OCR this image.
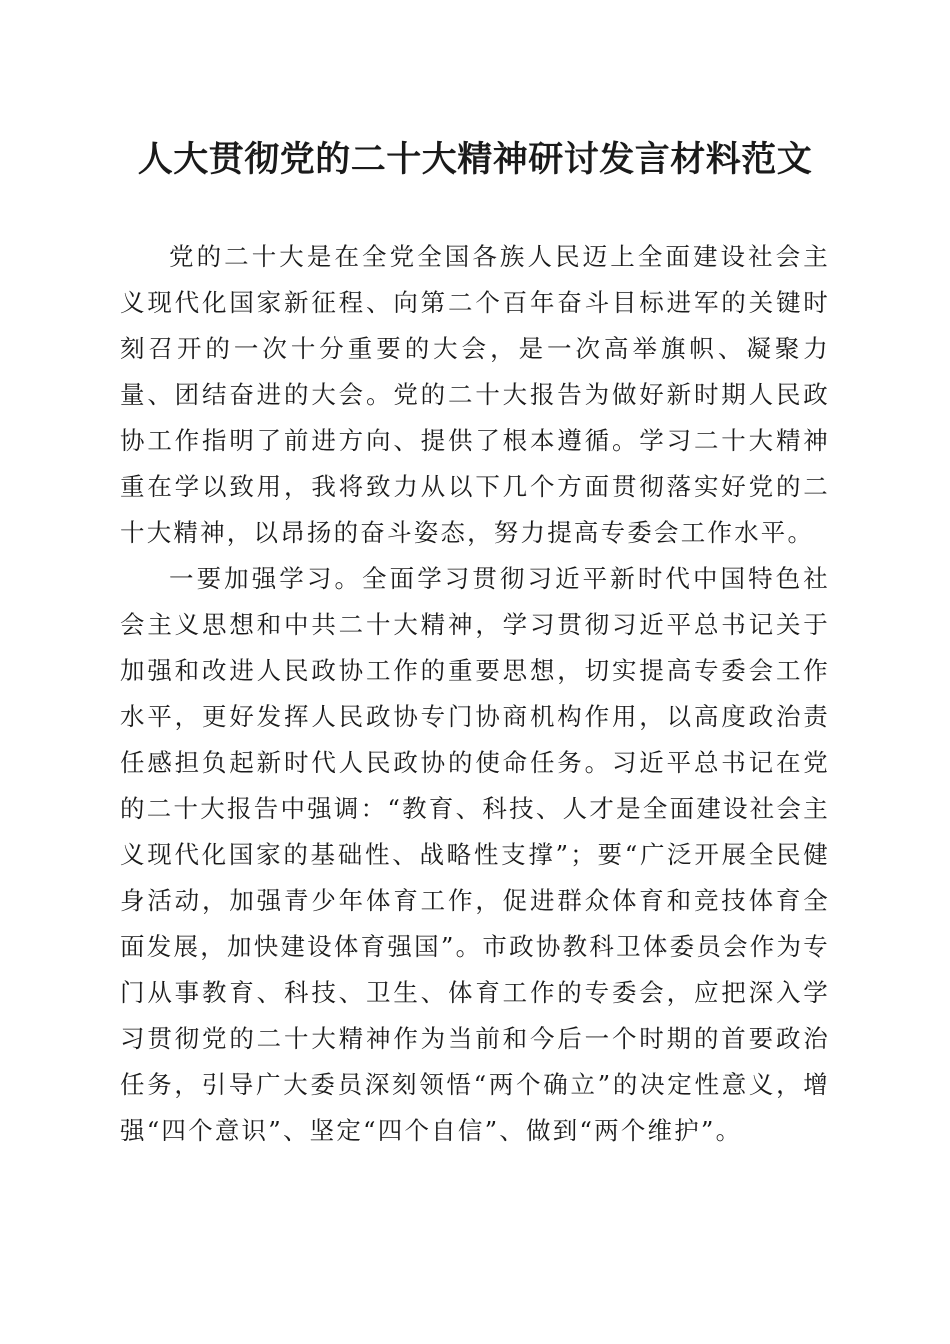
人大贯彻党的二十大精神研讨发言材料范文

党的二十大是在全党全国各族人民迈上全面建设社会主义现代化国家新征程、向第二个百年奋斗目标进军的关键时刻召开的一次十分重要的大会，是一次高举旗帜、凝聚力量、团结奋进的大会。党的二十大报告为做好新时期人民政协工作指明了前进方向、提供了根本遵循。学习二十大精神重在学以致用，我将致力从以下几个方面贯彻落实好党的二十大精神，以昂扬的奋斗姿态，努力提高专委会工作水平。

一要加强学习。全面学习贯彻习近平新时代中国特色社会主义思想和中共二十大精神，学习贯彻习近平总书记关于加强和改进人民政协工作的重要思想，切实提高专委会工作水平，更好发挥人民政协专门协商机构作用，以高度政治责任感担负起新时代人民政协的使命任务。习近平总书记在党的二十大报告中强调：“教育、科技、人才是全面建设社会主义现代化国家的基础性、战略性支撑”；要“广泛开展全民健身活动，加强青少年体育工作，促进群众体育和竞技体育全面发展，加快建设体育强国”。市政协教科卫体委员会作为专门从事教育、科技、卫生、体育工作的专委会，应把深入学习贯彻党的二十大精神作为当前和今后一个时期的首要政治任务，引导广大委员深刻领悟“两个确立”的决定性意义，增强“四个意识”、坚定“四个自信”、做到“两个维护”。
